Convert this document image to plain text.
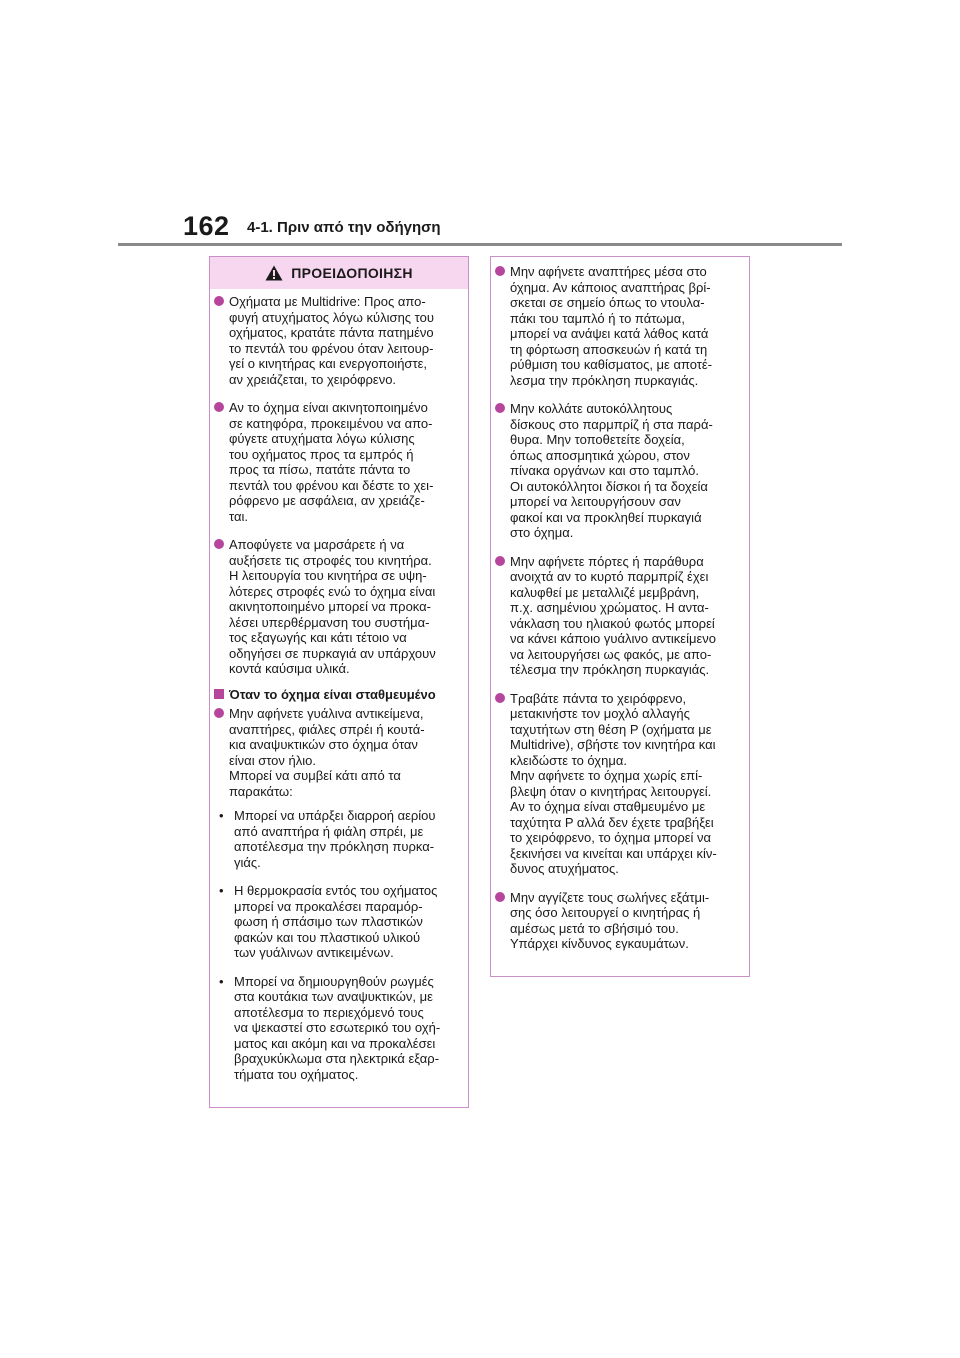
162 4-1. Πριν από την οδήγηση
ΠΡΟΕΙΔΟΠΟΙΗΣΗ

Οχήματα με Multidrive: Προς απο-
φυγή ατυχήματος λόγω κύλισης του
οχήματος, κρατάτε πάντα πατημένο
το πεντάλ του φρένου όταν λειτουρ-
γεί ο κινητήρας και ενεργοποιήστε,
αν χρειάζεται, το χειρόφρενο.

Αν το όχημα είναι ακινητοποιημένο
σε κατηφόρα, προκειμένου να απο-
φύγετε ατυχήματα λόγω κύλισης
του οχήματος προς τα εμπρός ή
προς τα πίσω, πατάτε πάντα το
πεντάλ του φρένου και δέστε το χει-
ρόφρενο με ασφάλεια, αν χρειάζε-
ται.

Αποφύγετε να μαρσάρετε ή να
αυξήσετε τις στροφές του κινητήρα.
Η λειτουργία του κινητήρα σε υψη-
λότερες στροφές ενώ το όχημα είναι
ακινητοποιημένο μπορεί να προκα-
λέσει υπερθέρμανση του συστήμα-
τος εξαγωγής και κάτι τέτοιο να
οδηγήσει σε πυρκαγιά αν υπάρχουν
κοντά καύσιμα υλικά.

Όταν το όχημα είναι σταθμευμένο

Μην αφήνετε γυάλινα αντικείμενα,
αναπτήρες, φιάλες σπρέι ή κουτά-
κια αναψυκτικών στο όχημα όταν
είναι στον ήλιο.
Μπορεί να συμβεί κάτι από τα
παρακάτω:

• Μπορεί να υπάρξει διαρροή αερίου
από αναπτήρα ή φιάλη σπρέι, με
αποτέλεσμα την πρόκληση πυρκα-
γιάς.

• Η θερμοκρασία εντός του οχήματος
μπορεί να προκαλέσει παραμόρ-
φωση ή σπάσιμο των πλαστικών
φακών και του πλαστικού υλικού
των γυάλινων αντικειμένων.

• Μπορεί να δημιουργηθούν ρωγμές
στα κουτάκια των αναψυκτικών, με
αποτέλεσμα το περιεχόμενό τους
να ψεκαστεί στο εσωτερικό του οχή-
ματος και ακόμη και να προκαλέσει
βραχυκύκλωμα στα ηλεκτρικά εξαρ-
τήματα του οχήματος.

Μην αφήνετε αναπτήρες μέσα στο
όχημα. Αν κάποιος αναπτήρας βρί-
σκεται σε σημείο όπως το ντουλα-
πάκι του ταμπλό ή το πάτωμα,
μπορεί να ανάψει κατά λάθος κατά
τη φόρτωση αποσκευών ή κατά τη
ρύθμιση του καθίσματος, με αποτέ-
λεσμα την πρόκληση πυρκαγιάς.

Μην κολλάτε αυτοκόλλητους
δίσκους στο παρμπρίζ ή στα παρά-
θυρα. Μην τοποθετείτε δοχεία,
όπως αποσμητικά χώρου, στον
πίνακα οργάνων και στο ταμπλό.
Οι αυτοκόλλητοι δίσκοι ή τα δοχεία
μπορεί να λειτουργήσουν σαν
φακοί και να προκληθεί πυρκαγιά
στο όχημα.

Μην αφήνετε πόρτες ή παράθυρα
ανοιχτά αν το κυρτό παρμπρίζ έχει
καλυφθεί με μεταλλιζέ μεμβράνη,
π.χ. ασημένιου χρώματος. Η αντα-
νάκλαση του ηλιακού φωτός μπορεί
να κάνει κάποιο γυάλινο αντικείμενο
να λειτουργήσει ως φακός, με απο-
τέλεσμα την πρόκληση πυρκαγιάς.

Τραβάτε πάντα το χειρόφρενο,
μετακινήστε τον μοχλό αλλαγής
ταχυτήτων στη θέση P (οχήματα με
Multidrive), σβήστε τον κινητήρα και
κλειδώστε το όχημα.
Μην αφήνετε το όχημα χωρίς επί-
βλεψη όταν ο κινητήρας λειτουργεί.
Αν το όχημα είναι σταθμευμένο με
ταχύτητα P αλλά δεν έχετε τραβήξει
το χειρόφρενο, το όχημα μπορεί να
ξεκινήσει να κινείται και υπάρχει κίν-
δυνος ατυχήματος.

Μην αγγίζετε τους σωλήνες εξάτμι-
σης όσο λειτουργεί ο κινητήρας ή
αμέσως μετά το σβήσιμό του.
Υπάρχει κίνδυνος εγκαυμάτων.
